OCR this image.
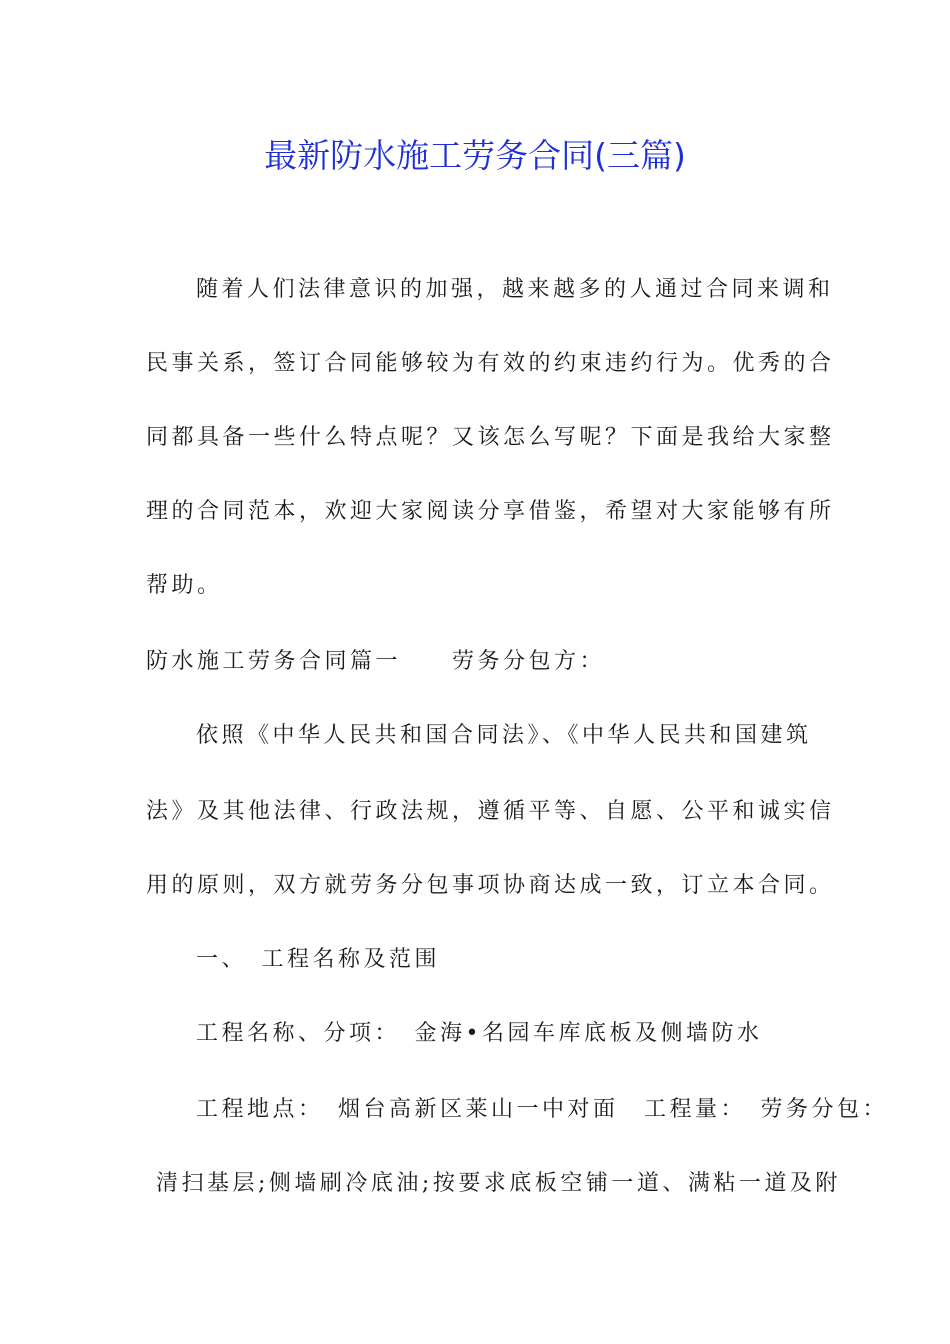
最新防水施工劳务合同(三篇)
随着人们法律意识的加强，越来越多的人通过合同来调和
民事关系，签订合同能够较为有效的约束违约行为。优秀的合
同都具备一些什么特点呢？又该怎么写呢？下面是我给大家整
理的合同范本，欢迎大家阅读分享借鉴，希望对大家能够有所
帮助。
防水施工劳务合同篇一　　劳务分包方：
依照《中华人民共和国合同法》、《中华人民共和国建筑
法》及其他法律、行政法规，遵循平等、自愿、公平和诚实信
用的原则，双方就劳务分包事项协商达成一致，订立本合同。
一、　工程名称及范围
工程名称、分项：　金海•名园车库底板及侧墙防水
工程地点：　烟台高新区莱山一中对面　工程量：　劳务分包：
清扫基层;侧墙刷冷底油;按要求底板空铺一道、满粘一道及附
